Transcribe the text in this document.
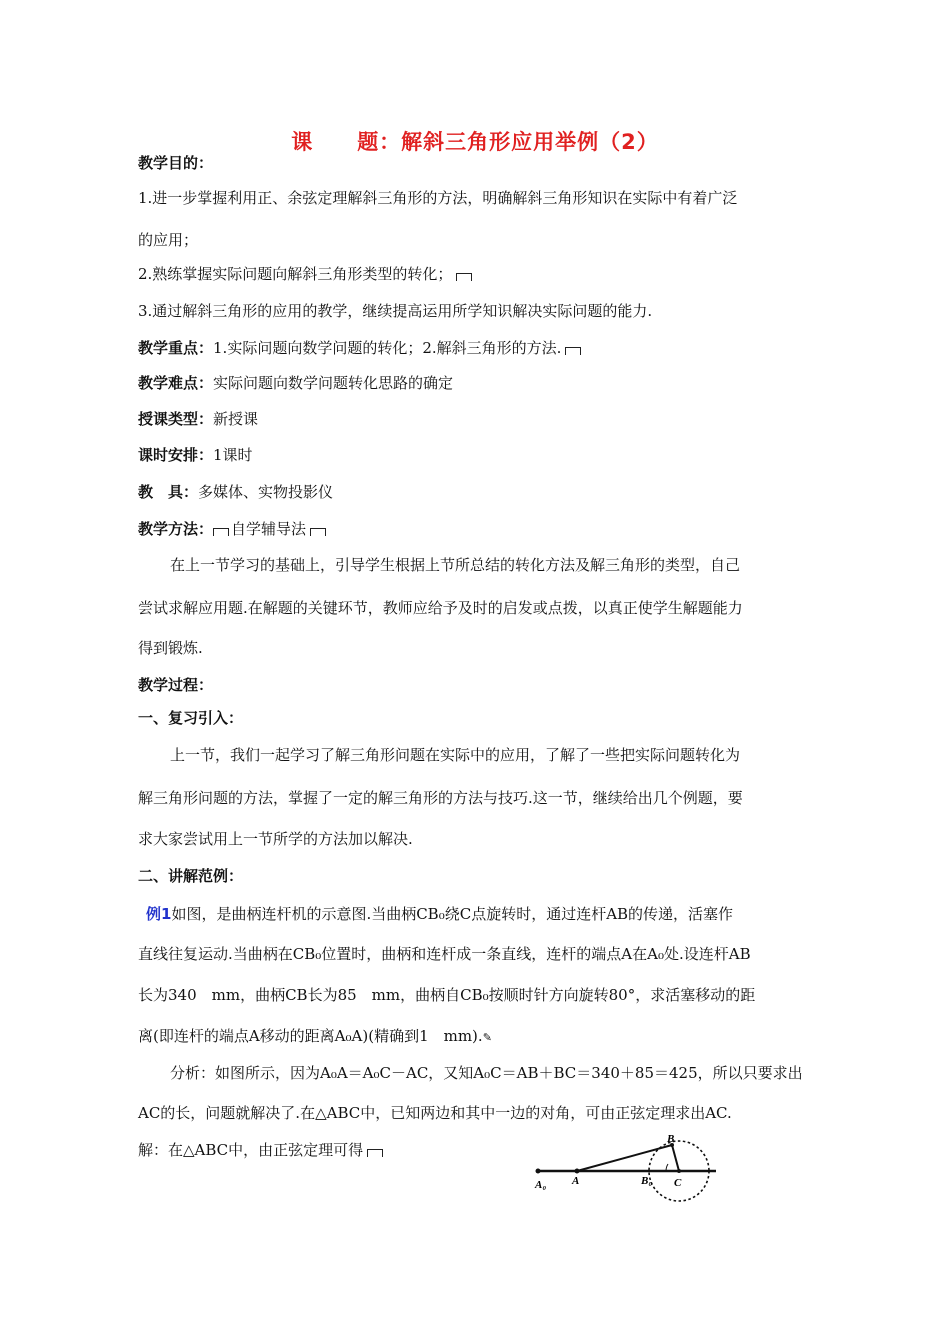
课 题：解斜三角形应用举例（2）
教学目的：
1.进一步掌握利用正、余弦定理解斜三角形的方法，明确解斜三角形知识在实际中有着广泛
的应用；
2.熟练掌握实际问题向解斜三角形类型的转化；
3.通过解斜三角形的应用的教学，继续提高运用所学知识解决实际问题的能力.
教学重点：1.实际问题向数学问题的转化；2.解斜三角形的方法.
教学难点：实际问题向数学问题转化思路的确定
授课类型：新授课
课时安排：1课时
教　具：多媒体、实物投影仪
教学方法： 自学辅导法
在上一节学习的基础上，引导学生根据上节所总结的转化方法及解三角形的类型，自己
尝试求解应用题.在解题的关键环节，教师应给予及时的启发或点拨，以真正使学生解题能力
得到锻炼.
教学过程：
一、复习引入：
上一节，我们一起学习了解三角形问题在实际中的应用，了解了一些把实际问题转化为
解三角形问题的方法，掌握了一定的解三角形的方法与技巧.这一节，继续给出几个例题，要
求大家尝试用上一节所学的方法加以解决.
二、讲解范例：
例1如图，是曲柄连杆机的示意图.当曲柄CB₀绕C点旋转时，通过连杆AB的传递，活塞作
直线往复运动.当曲柄在CB₀位置时，曲柄和连杆成一条直线，连杆的端点A在A₀处.设连杆AB
长为340　mm，曲柄CB长为85　mm，曲柄自CB₀按顺时针方向旋转80°，求活塞移动的距
离(即连杆的端点A移动的距离A₀A)(精确到1　mm).✎
分析：如图所示，因为A₀A＝A₀C－AC，又知A₀C＝AB＋BC＝340＋85＝425，所以只要求出
AC的长，问题就解决了.在△ABC中，已知两边和其中一边的对角，可由正弦定理求出AC.
解：在△ABC中，由正弦定理可得
A₀ A	B₀ C
B
